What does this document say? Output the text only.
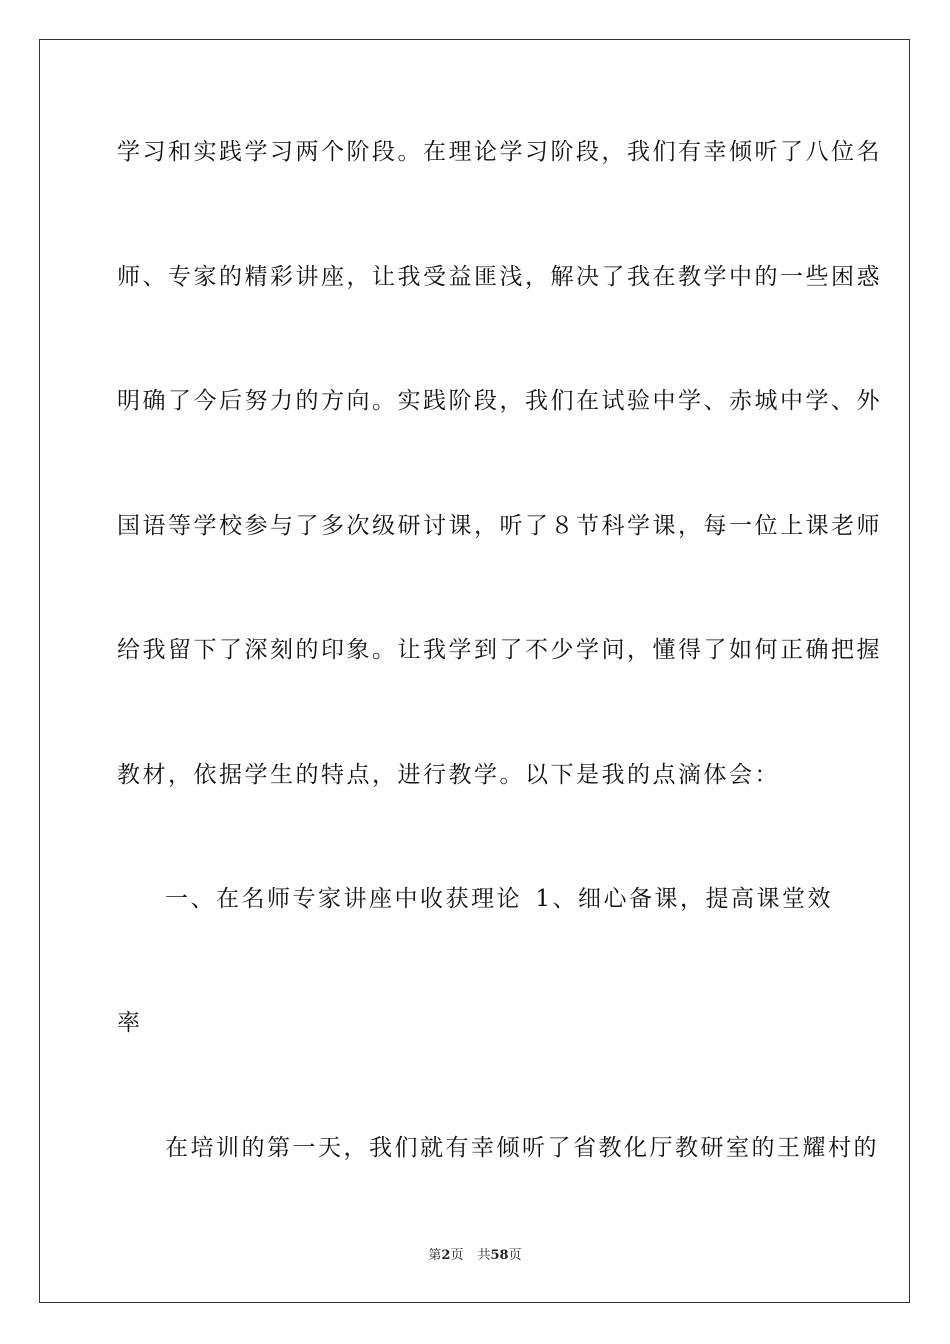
学习和实践学习两个阶段。在理论学习阶段，我们有幸倾听了八位名
师、专家的精彩讲座，让我受益匪浅，解决了我在教学中的一些困惑
明确了今后努力的方向。实践阶段，我们在试验中学、赤城中学、外
国语等学校参与了多次级研讨课，听了８节科学课，每一位上课老师
给我留下了深刻的印象。让我学到了不少学问，懂得了如何正确把握
教材，依据学生的特点，进行教学。以下是我的点滴体会：
一、在名师专家讲座中收获理论 1、细心备课，提高课堂效
率
在培训的第一天，我们就有幸倾听了省教化厅教研室的王耀村的
第2页 共58页
